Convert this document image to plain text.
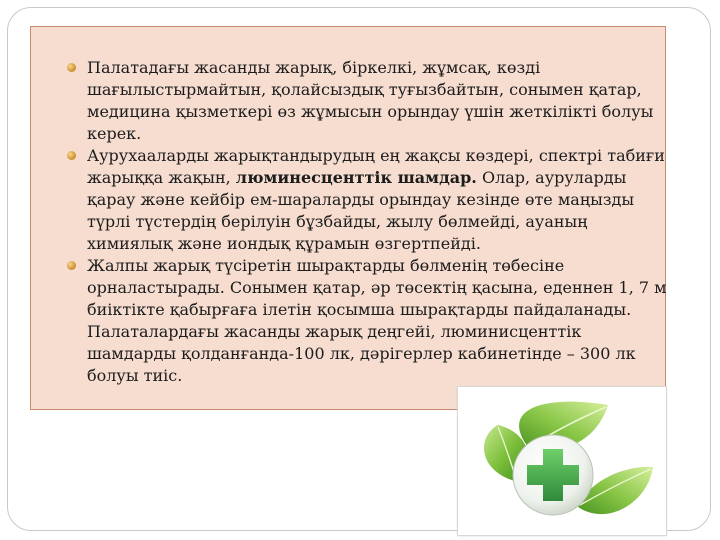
Палатадағы жасанды жарық, біркелкі, жұмсақ, көзді шағылыстырмайтын, қолайсыздық туғызбайтын, сонымен қатар, медицина қызметкері өз жұмысын орындау үшін жеткілікті болуы керек.
Аурухааларды жарықтандырудың ең жақсы көздері, спектрі табиғи жарыққа жақын, люминесценттік шамдар. Олар, ауруларды қарау және кейбір ем-шараларды орындау кезінде өте маңызды түрлі түстердің берілуін бұзбайды, жылу бөлмейді, ауаның химиялық және иондық құрамын өзгертпейді.
Жалпы жарық түсіретін шырақтарды бөлменің төбесіне орналастырады. Сонымен қатар, әр төсектің қасына, еденнен 1, 7 м биіктікте қабырғаға ілетін қосымша шырақтарды пайдаланады. Палаталардағы жасанды жарық деңгейі, люминисценттік шамдарды қолданғанда-100 лк, дәрігерлер кабинетінде – 300 лк болуы тиіс.
